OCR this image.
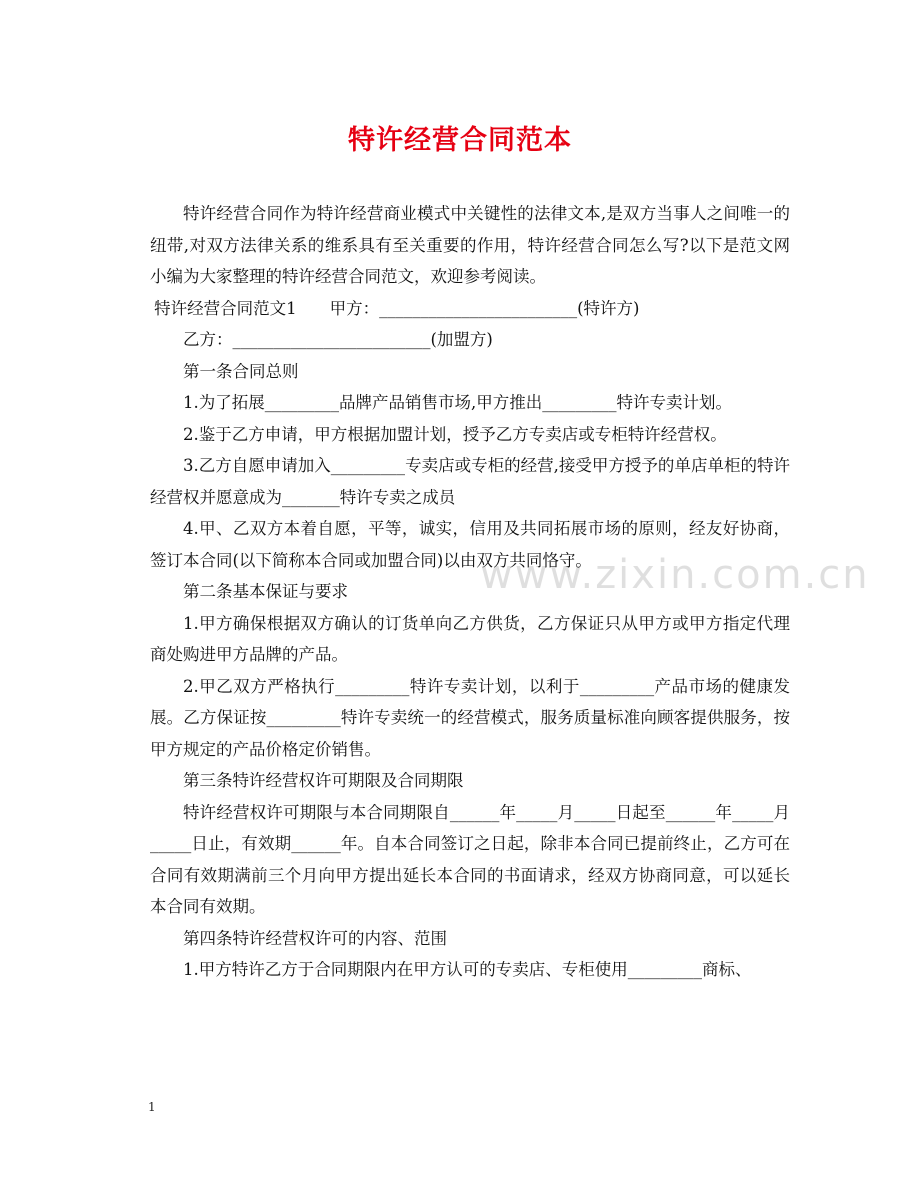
特许经营合同范本

特许经营合同作为特许经营商业模式中关键性的法律文本,是双方当事人之间唯一的纽带,对双方法律关系的维系具有至关重要的作用，特许经营合同怎么写?以下是范文网小编为大家整理的特许经营合同范文，欢迎参考阅读。

特许经营合同范文1　　甲方：________________________(特许方)

乙方：________________________(加盟方)

第一条合同总则

1.为了拓展_________品牌产品销售市场,甲方推出_________特许专卖计划。

2.鉴于乙方申请，甲方根据加盟计划，授予乙方专卖店或专柜特许经营权。

3.乙方自愿申请加入_________专卖店或专柜的经营,接受甲方授予的单店单柜的特许经营权并愿意成为_______特许专卖之成员

4.甲、乙双方本着自愿，平等，诚实，信用及共同拓展市场的原则，经友好协商，签订本合同(以下简称本合同或加盟合同)以由双方共同恪守。

第二条基本保证与要求

1.甲方确保根据双方确认的订货单向乙方供货，乙方保证只从甲方或甲方指定代理商处购进甲方品牌的产品。

2.甲乙双方严格执行_________特许专卖计划，以利于_________产品市场的健康发展。乙方保证按_________特许专卖统一的经营模式，服务质量标准向顾客提供服务，按甲方规定的产品价格定价销售。

第三条特许经营权许可期限及合同期限

特许经营权许可期限与本合同期限自______年_____月_____日起至______年_____月_____日止，有效期______年。自本合同签订之日起，除非本合同已提前终止，乙方可在合同有效期满前三个月向甲方提出延长本合同的书面请求，经双方协商同意，可以延长本合同有效期。

第四条特许经营权许可的内容、范围

1.甲方特许乙方于合同期限内在甲方认可的专卖店、专柜使用_________商标、

www.zixin.com.cn
1
